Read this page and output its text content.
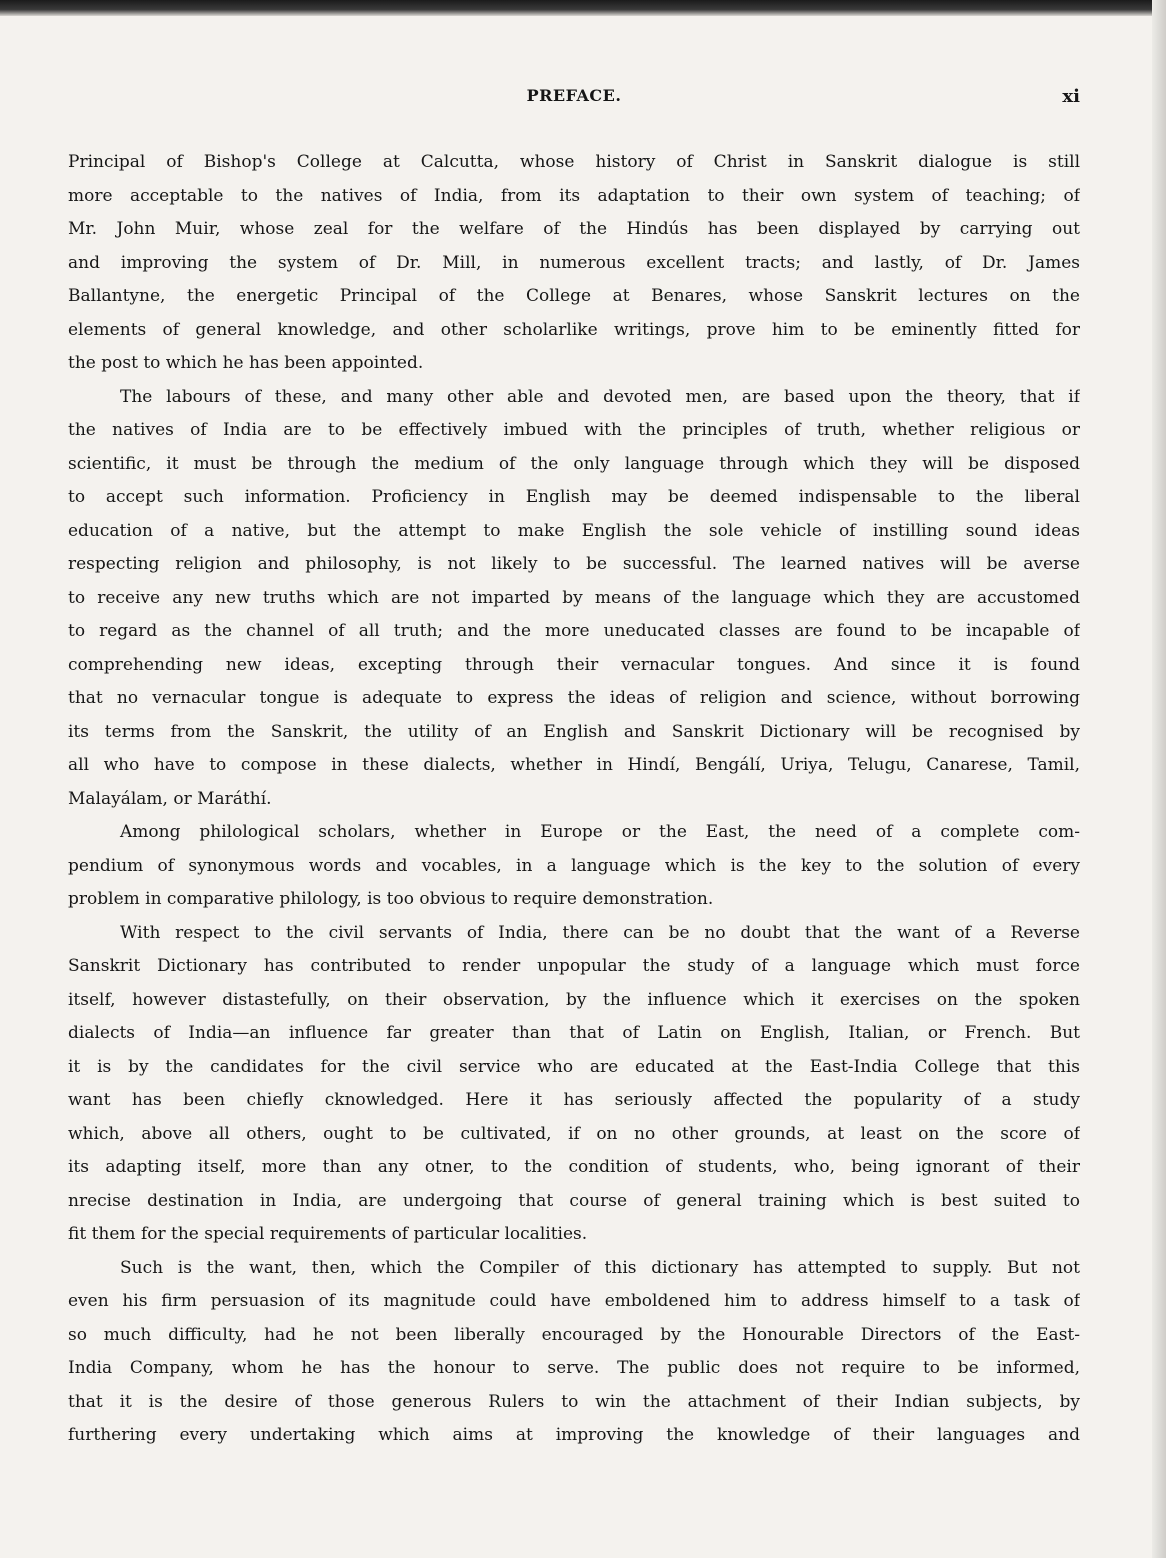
PREFACE.	xi
Principal of Bishop's College at Calcutta, whose history of Christ in Sanskrit dialogue is still
more acceptable to the natives of India, from its adaptation to their own system of teaching; of
Mr. John Muir, whose zeal for the welfare of the Hindús has been displayed by carrying out
and improving the system of Dr. Mill, in numerous excellent tracts; and lastly, of Dr. James
Ballantyne, the energetic Principal of the College at Benares, whose Sanskrit lectures on the
elements of general knowledge, and other scholarlike writings, prove him to be eminently fitted for
the post to which he has been appointed.
The labours of these, and many other able and devoted men, are based upon the theory, that if
the natives of India are to be effectively imbued with the principles of truth, whether religious or
scientific, it must be through the medium of the only language through which they will be disposed
to accept such information. Proficiency in English may be deemed indispensable to the liberal
education of a native, but the attempt to make English the sole vehicle of instilling sound ideas
respecting religion and philosophy, is not likely to be successful. The learned natives will be averse
to receive any new truths which are not imparted by means of the language which they are accustomed
to regard as the channel of all truth; and the more uneducated classes are found to be incapable of
comprehending new ideas, excepting through their vernacular tongues. And since it is found
that no vernacular tongue is adequate to express the ideas of religion and science, without borrowing
its terms from the Sanskrit, the utility of an English and Sanskrit Dictionary will be recognised by
all who have to compose in these dialects, whether in Hindí, Bengálí, Uriya, Telugu, Canarese, Tamil,
Malayálam, or Maráthí.
Among philological scholars, whether in Europe or the East, the need of a complete com-
pendium of synonymous words and vocables, in a language which is the key to the solution of every
problem in comparative philology, is too obvious to require demonstration.
With respect to the civil servants of India, there can be no doubt that the want of a Reverse
Sanskrit Dictionary has contributed to render unpopular the study of a language which must force
itself, however distastefully, on their observation, by the influence which it exercises on the spoken
dialects of India—an influence far greater than that of Latin on English, Italian, or French. But
it is by the candidates for the civil service who are educated at the East-India College that this
want has been chiefly cknowledged. Here it has seriously affected the popularity of a study
which, above all others, ought to be cultivated, if on no other grounds, at least on the score of
its adapting itself, more than any otner, to the condition of students, who, being ignorant of their
nrecise destination in India, are undergoing that course of general training which is best suited to
fit them for the special requirements of particular localities.
Such is the want, then, which the Compiler of this dictionary has attempted to supply. But not
even his firm persuasion of its magnitude could have emboldened him to address himself to a task of
so much difficulty, had he not been liberally encouraged by the Honourable Directors of the East-
India Company, whom he has the honour to serve. The public does not require to be informed,
that it is the desire of those generous Rulers to win the attachment of their Indian subjects, by
furthering every undertaking which aims at improving the knowledge of their languages and
